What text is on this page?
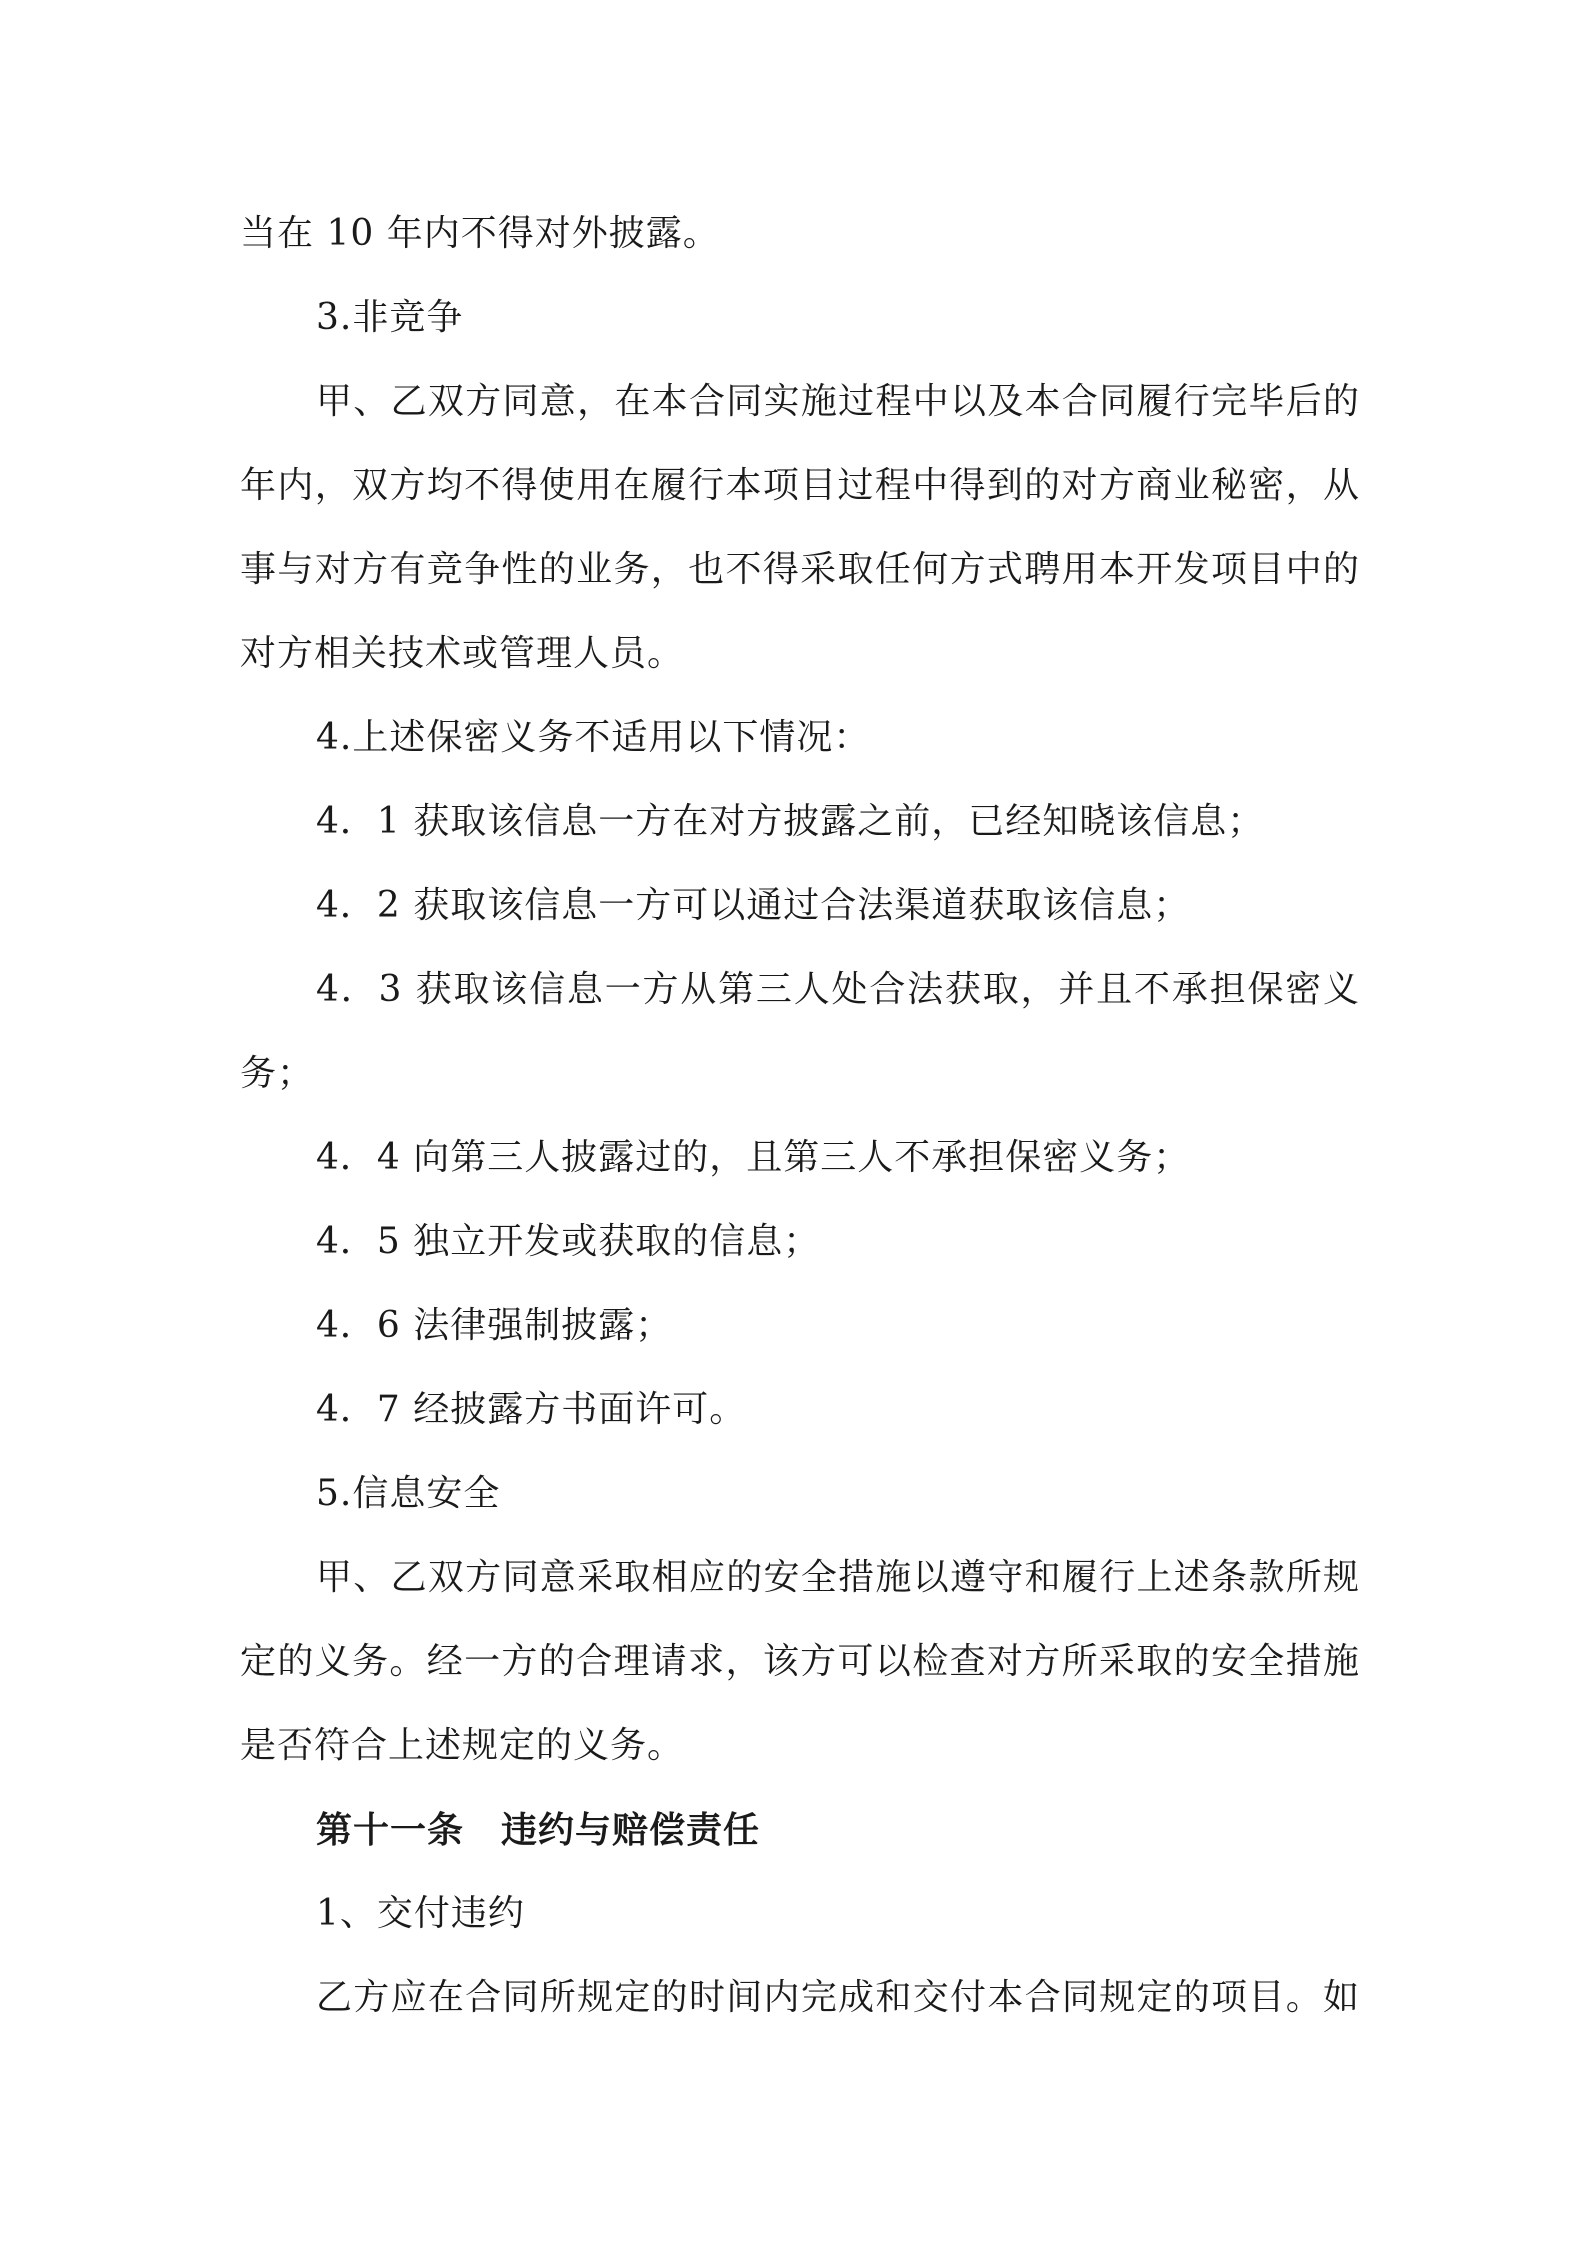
当在 10 年内不得对外披露。
3.非竞争
甲、乙双方同意，在本合同实施过程中以及本合同履行完毕后的
年内，双方均不得使用在履行本项目过程中得到的对方商业秘密，从
事与对方有竞争性的业务，也不得采取任何方式聘用本开发项目中的
对方相关技术或管理人员。
4.上述保密义务不适用以下情况：
4．1 获取该信息一方在对方披露之前，已经知晓该信息；
4．2 获取该信息一方可以通过合法渠道获取该信息；
4．3 获取该信息一方从第三人处合法获取，并且不承担保密义
务；
4．4 向第三人披露过的，且第三人不承担保密义务；
4．5 独立开发或获取的信息；
4．6 法律强制披露；
4．7 经披露方书面许可。
5.信息安全
甲、乙双方同意采取相应的安全措施以遵守和履行上述条款所规
定的义务。经一方的合理请求，该方可以检查对方所采取的安全措施
是否符合上述规定的义务。
第十一条　违约与赔偿责任
1、交付违约
乙方应在合同所规定的时间内完成和交付本合同规定的项目。如
